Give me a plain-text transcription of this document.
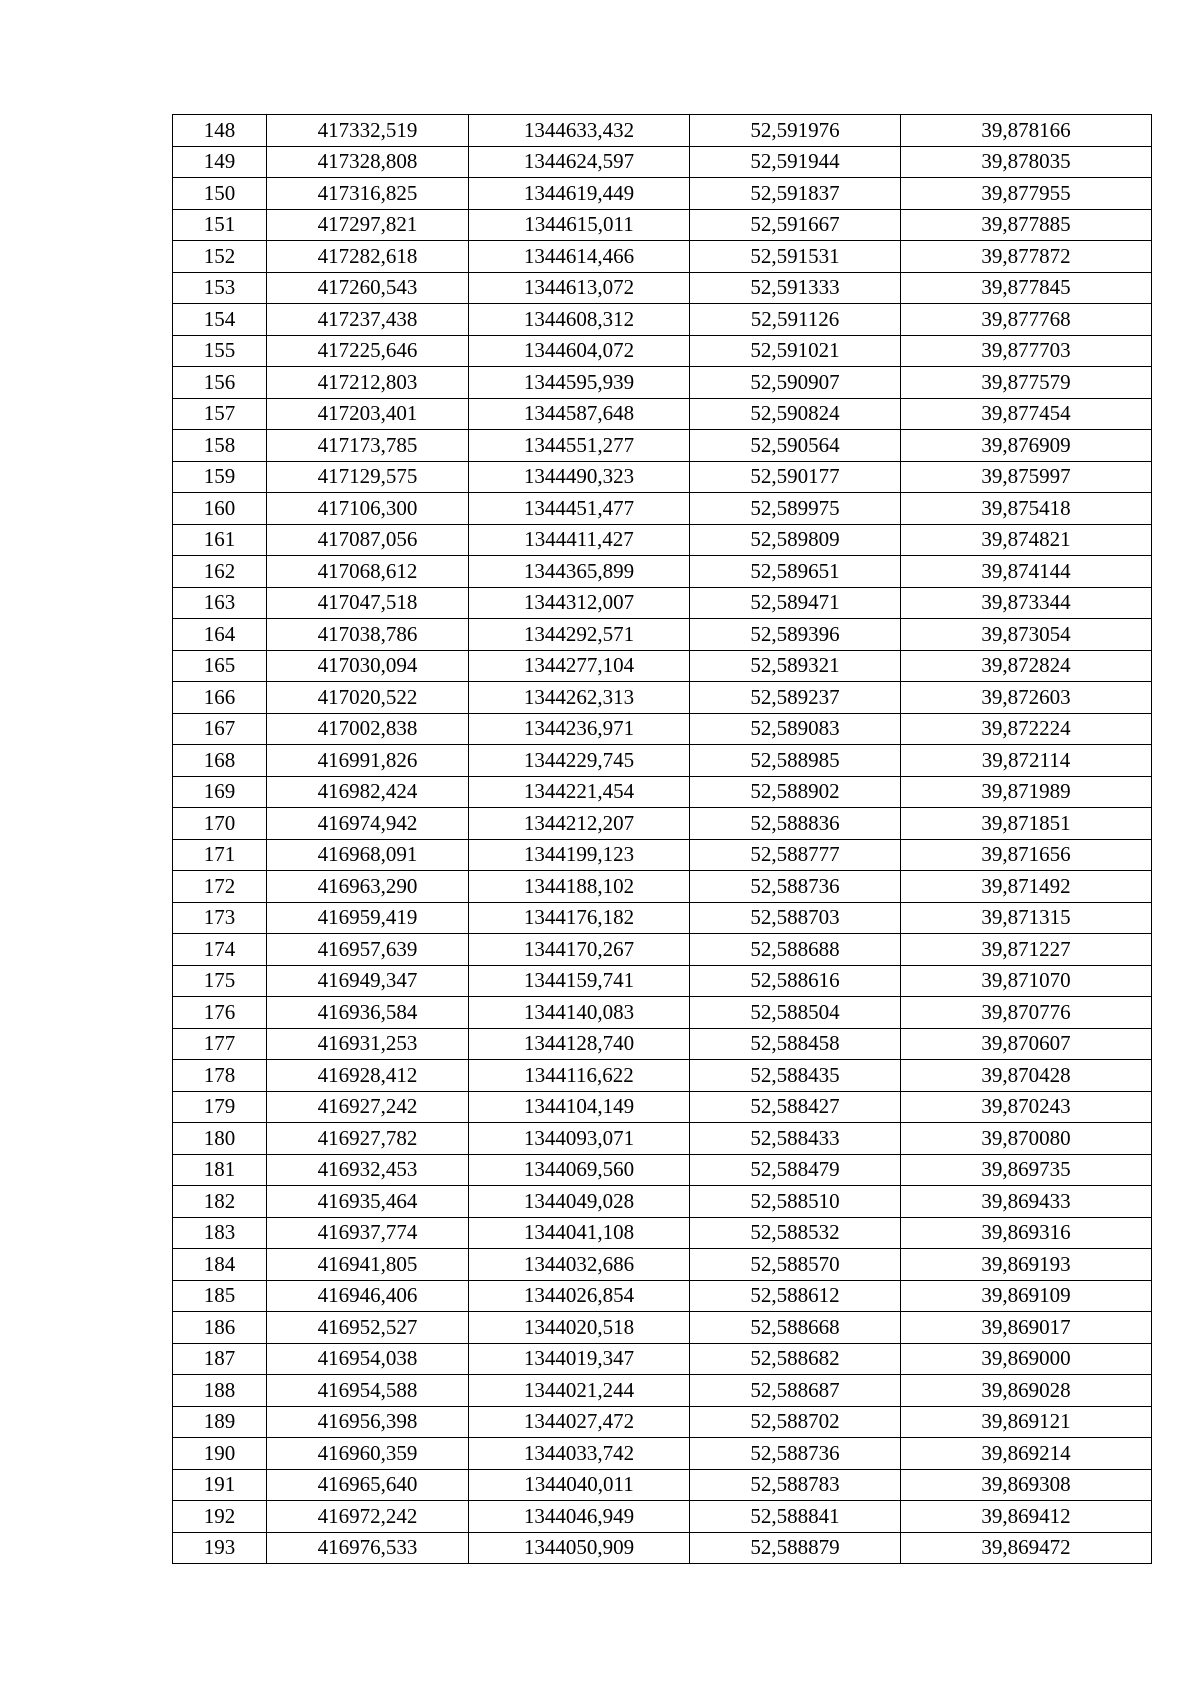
148	417332,519	1344633,432	52,591976	39,878166
149	417328,808	1344624,597	52,591944	39,878035
150	417316,825	1344619,449	52,591837	39,877955
151	417297,821	1344615,011	52,591667	39,877885
152	417282,618	1344614,466	52,591531	39,877872
153	417260,543	1344613,072	52,591333	39,877845
154	417237,438	1344608,312	52,591126	39,877768
155	417225,646	1344604,072	52,591021	39,877703
156	417212,803	1344595,939	52,590907	39,877579
157	417203,401	1344587,648	52,590824	39,877454
158	417173,785	1344551,277	52,590564	39,876909
159	417129,575	1344490,323	52,590177	39,875997
160	417106,300	1344451,477	52,589975	39,875418
161	417087,056	1344411,427	52,589809	39,874821
162	417068,612	1344365,899	52,589651	39,874144
163	417047,518	1344312,007	52,589471	39,873344
164	417038,786	1344292,571	52,589396	39,873054
165	417030,094	1344277,104	52,589321	39,872824
166	417020,522	1344262,313	52,589237	39,872603
167	417002,838	1344236,971	52,589083	39,872224
168	416991,826	1344229,745	52,588985	39,872114
169	416982,424	1344221,454	52,588902	39,871989
170	416974,942	1344212,207	52,588836	39,871851
171	416968,091	1344199,123	52,588777	39,871656
172	416963,290	1344188,102	52,588736	39,871492
173	416959,419	1344176,182	52,588703	39,871315
174	416957,639	1344170,267	52,588688	39,871227
175	416949,347	1344159,741	52,588616	39,871070
176	416936,584	1344140,083	52,588504	39,870776
177	416931,253	1344128,740	52,588458	39,870607
178	416928,412	1344116,622	52,588435	39,870428
179	416927,242	1344104,149	52,588427	39,870243
180	416927,782	1344093,071	52,588433	39,870080
181	416932,453	1344069,560	52,588479	39,869735
182	416935,464	1344049,028	52,588510	39,869433
183	416937,774	1344041,108	52,588532	39,869316
184	416941,805	1344032,686	52,588570	39,869193
185	416946,406	1344026,854	52,588612	39,869109
186	416952,527	1344020,518	52,588668	39,869017
187	416954,038	1344019,347	52,588682	39,869000
188	416954,588	1344021,244	52,588687	39,869028
189	416956,398	1344027,472	52,588702	39,869121
190	416960,359	1344033,742	52,588736	39,869214
191	416965,640	1344040,011	52,588783	39,869308
192	416972,242	1344046,949	52,588841	39,869412
193	416976,533	1344050,909	52,588879	39,869472
